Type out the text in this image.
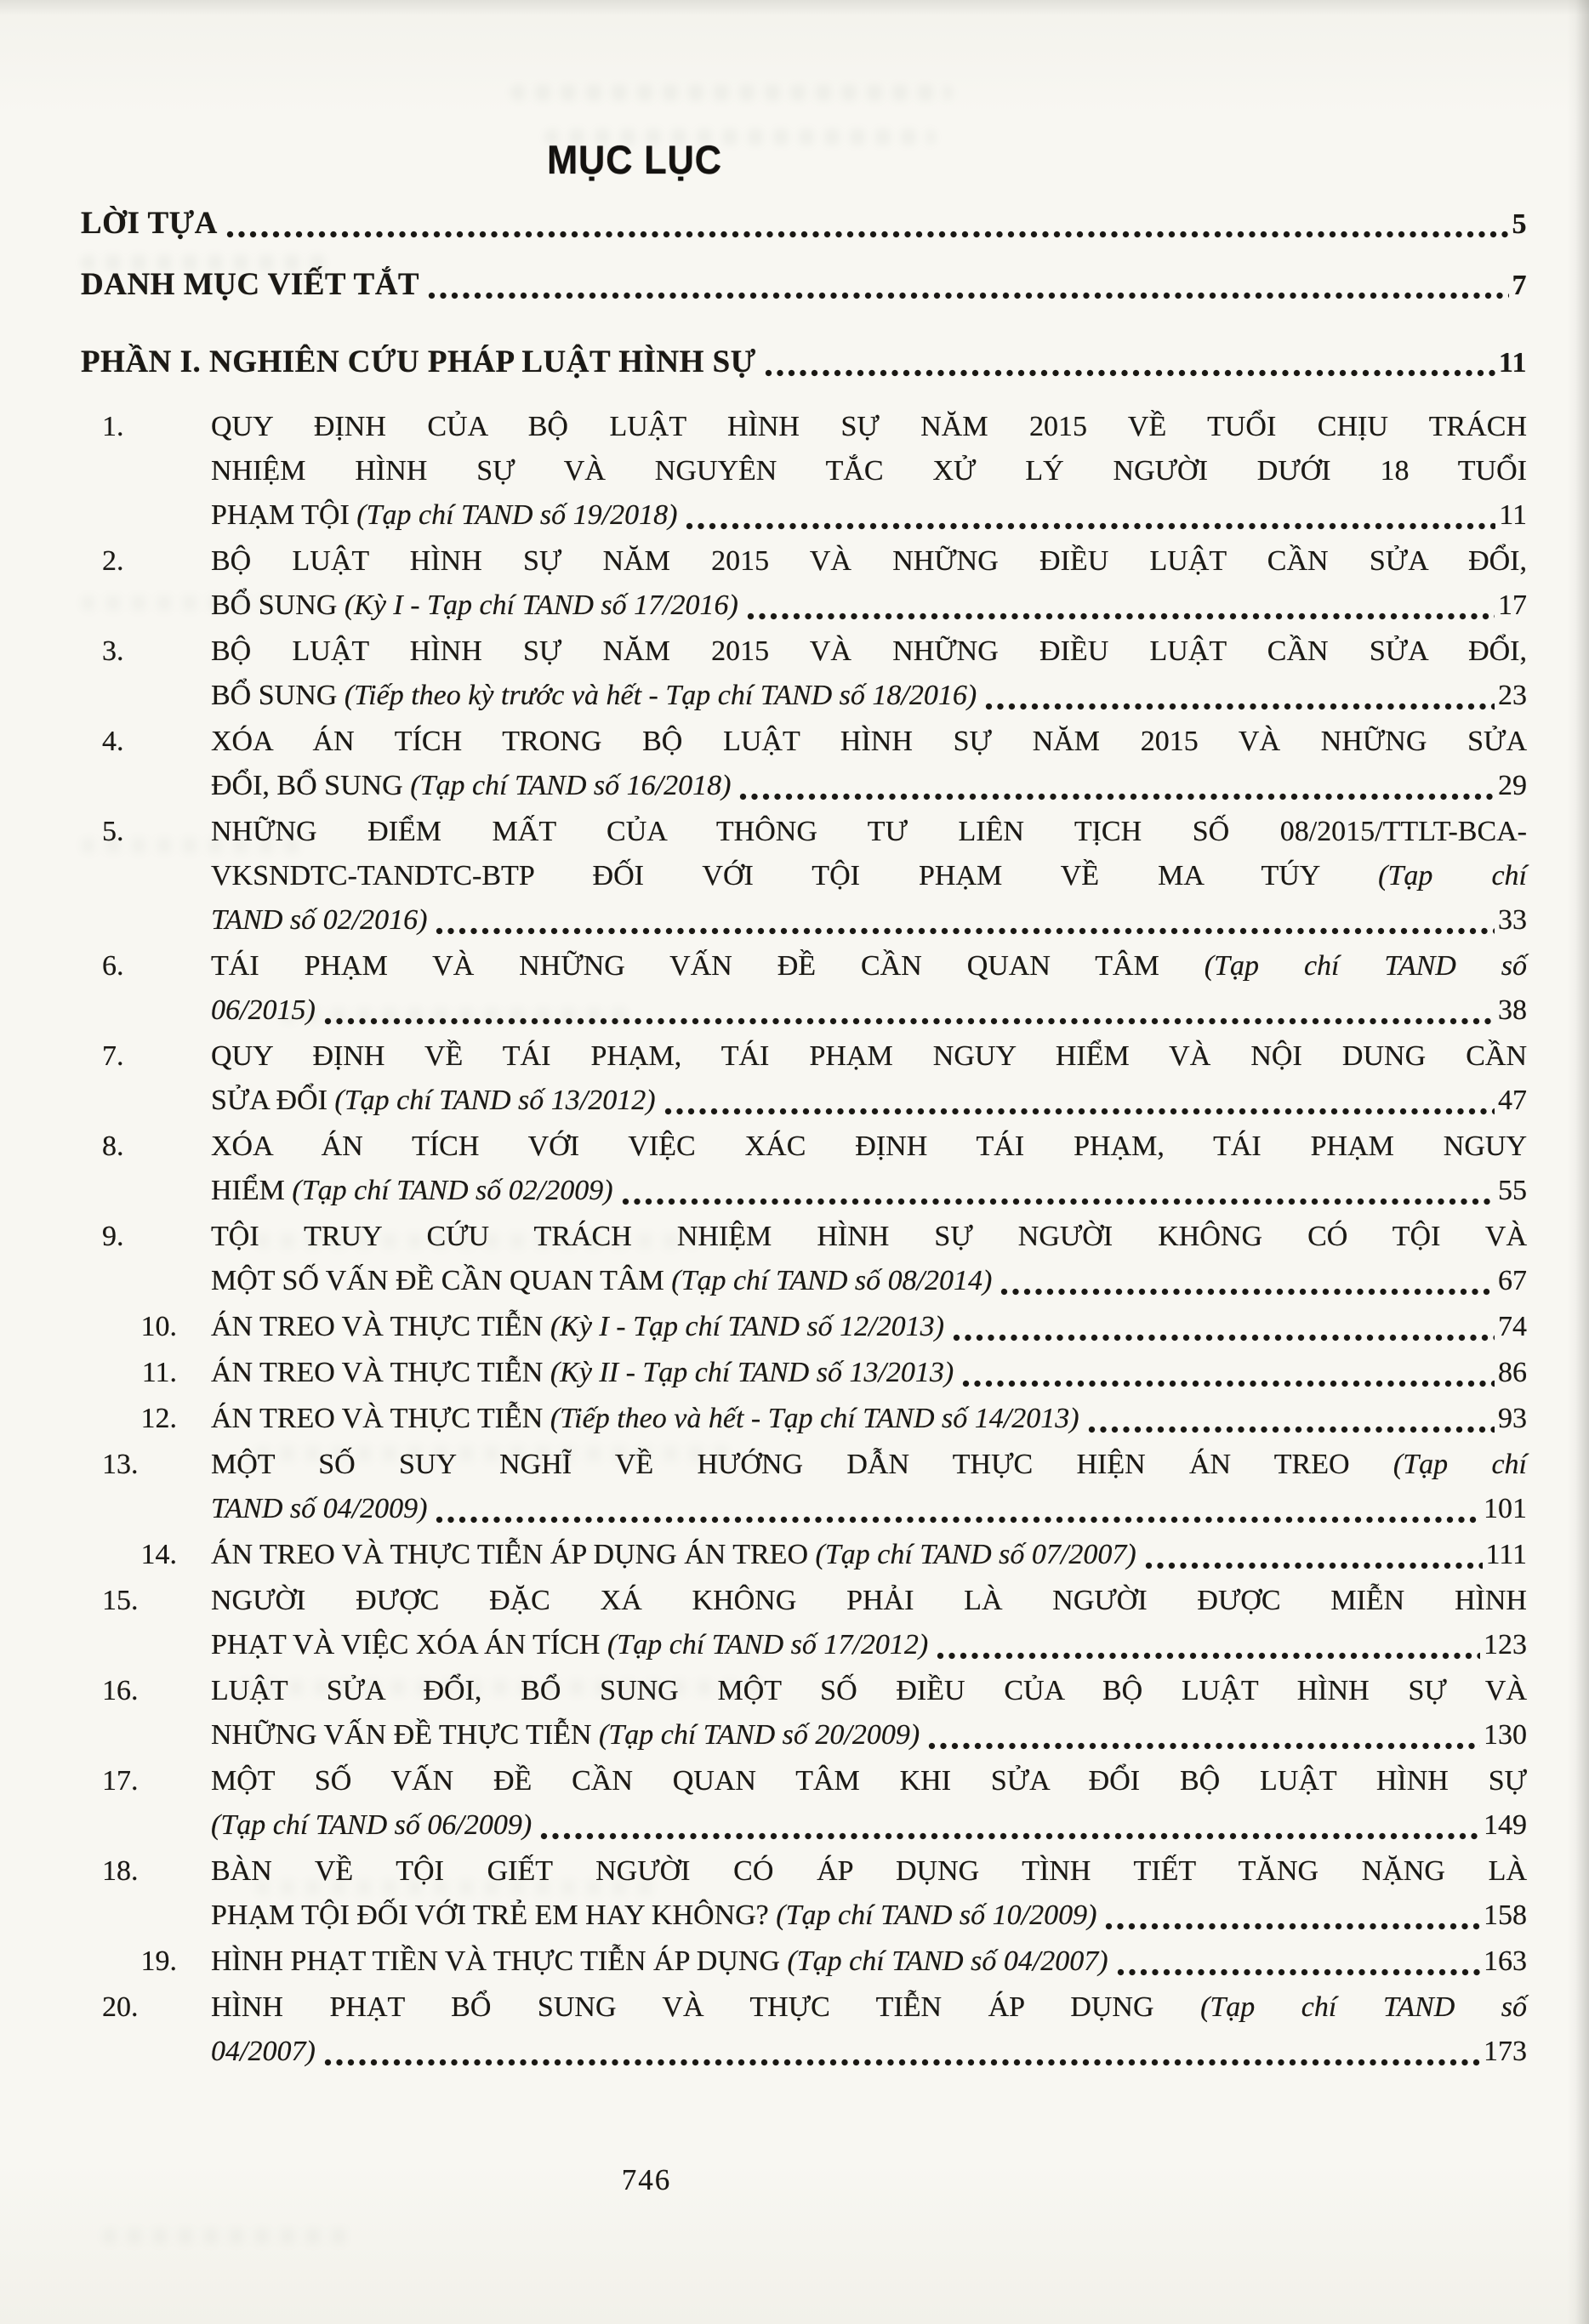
MỤC LỤC
LỜI TỰA	5
DANH MỤC VIẾT TẮT	7
PHẦN I. NGHIÊN CỨU PHÁP LUẬT HÌNH SỰ	11
1.	QUY ĐỊNH CỦA BỘ LUẬT HÌNH SỰ NĂM 2015 VỀ TUỔI CHỊU TRÁCH
NHIỆM HÌNH SỰ VÀ NGUYÊN TẮC XỬ LÝ NGƯỜI DƯỚI 18 TUỔI
PHẠM TỘI (Tạp chí TAND số 19/2018)	11
2.	BỘ LUẬT HÌNH SỰ NĂM 2015 VÀ NHỮNG ĐIỀU LUẬT CẦN SỬA ĐỔI,
BỔ SUNG (Kỳ I - Tạp chí TAND số 17/2016)	17
3.	BỘ LUẬT HÌNH SỰ NĂM 2015 VÀ NHỮNG ĐIỀU LUẬT CẦN SỬA ĐỔI,
BỔ SUNG (Tiếp theo kỳ trước và hết - Tạp chí TAND số 18/2016)	23
4.	XÓA ÁN TÍCH TRONG BỘ LUẬT HÌNH SỰ NĂM 2015 VÀ NHỮNG SỬA
ĐỔI, BỔ SUNG (Tạp chí TAND số 16/2018)	29
5.	NHỮNG ĐIỂM MẤT CỦA THÔNG TƯ LIÊN TỊCH SỐ 08/2015/TTLT-BCA-
VKSNDTC-TANDTC-BTP ĐỐI VỚI TỘI PHẠM VỀ MA TÚY (Tạp chí
TAND số 02/2016)	33
6.	TÁI PHẠM VÀ NHỮNG VẤN ĐỀ CẦN QUAN TÂM (Tạp chí TAND số
06/2015)	38
7.	QUY ĐỊNH VỀ TÁI PHẠM, TÁI PHẠM NGUY HIỂM VÀ NỘI DUNG CẦN
SỬA ĐỔI (Tạp chí TAND số 13/2012)	47
8.	XÓA ÁN TÍCH VỚI VIỆC XÁC ĐỊNH TÁI PHẠM, TÁI PHẠM NGUY
HIỂM (Tạp chí TAND số 02/2009)	55
9.	TỘI TRUY CỨU TRÁCH NHIỆM HÌNH SỰ NGƯỜI KHÔNG CÓ TỘI VÀ
MỘT SỐ VẤN ĐỀ CẦN QUAN TÂM (Tạp chí TAND số 08/2014)	67
10. ÁN TREO VÀ THỰC TIỄN (Kỳ I - Tạp chí TAND số 12/2013)	74
11. ÁN TREO VÀ THỰC TIỄN (Kỳ II - Tạp chí TAND số 13/2013)	86
12. ÁN TREO VÀ THỰC TIỄN (Tiếp theo và hết - Tạp chí TAND số 14/2013)	93
13.	MỘT SỐ SUY NGHĨ VỀ HƯỚNG DẪN THỰC HIỆN ÁN TREO (Tạp chí
TAND số 04/2009)	101
14. ÁN TREO VÀ THỰC TIỄN ÁP DỤNG ÁN TREO (Tạp chí TAND số 07/2007)	111
15.	NGƯỜI ĐƯỢC ĐẶC XÁ KHÔNG PHẢI LÀ NGƯỜI ĐƯỢC MIỄN HÌNH
PHẠT VÀ VIỆC XÓA ÁN TÍCH (Tạp chí TAND số 17/2012)	123
16.	LUẬT SỬA ĐỔI, BỔ SUNG MỘT SỐ ĐIỀU CỦA BỘ LUẬT HÌNH SỰ VÀ
NHỮNG VẤN ĐỀ THỰC TIỄN (Tạp chí TAND số 20/2009)	130
17.	MỘT SỐ VẤN ĐỀ CẦN QUAN TÂM KHI SỬA ĐỔI BỘ LUẬT HÌNH SỰ
(Tạp chí TAND số 06/2009)	149
18.	BÀN VỀ TỘI GIẾT NGƯỜI CÓ ÁP DỤNG TÌNH TIẾT TĂNG NẶNG LÀ
PHẠM TỘI ĐỐI VỚI TRẺ EM HAY KHÔNG? (Tạp chí TAND số 10/2009)	158
19. HÌNH PHẠT TIỀN VÀ THỰC TIỄN ÁP DỤNG (Tạp chí TAND số 04/2007)	163
20.	HÌNH PHẠT BỔ SUNG VÀ THỰC TIỄN ÁP DỤNG (Tạp chí TAND số
04/2007)	173
746
